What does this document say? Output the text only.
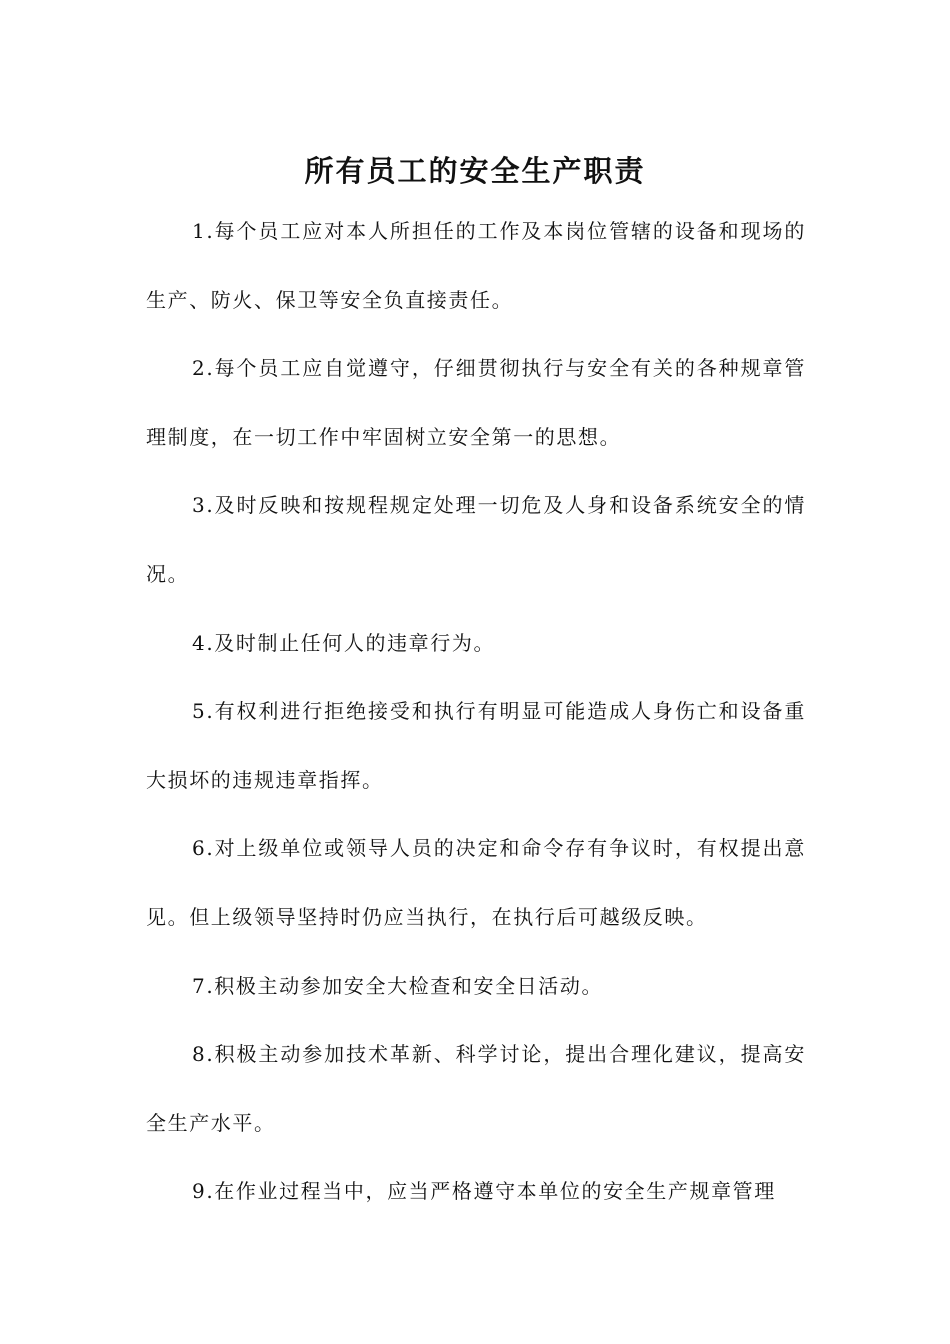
所有员工的安全生产职责

1.每个员工应对本人所担任的工作及本岗位管辖的设备和现场的生产、防火、保卫等安全负直接责任。

2.每个员工应自觉遵守，仔细贯彻执行与安全有关的各种规章管理制度，在一切工作中牢固树立安全第一的思想。

3.及时反映和按规程规定处理一切危及人身和设备系统安全的情况。

4.及时制止任何人的违章行为。

5.有权利进行拒绝接受和执行有明显可能造成人身伤亡和设备重大损坏的违规违章指挥。

6.对上级单位或领导人员的决定和命令存有争议时，有权提出意见。但上级领导坚持时仍应当执行，在执行后可越级反映。

7.积极主动参加安全大检查和安全日活动。

8.积极主动参加技术革新、科学讨论，提出合理化建议，提高安全生产水平。

9.在作业过程当中，应当严格遵守本单位的安全生产规章管理
